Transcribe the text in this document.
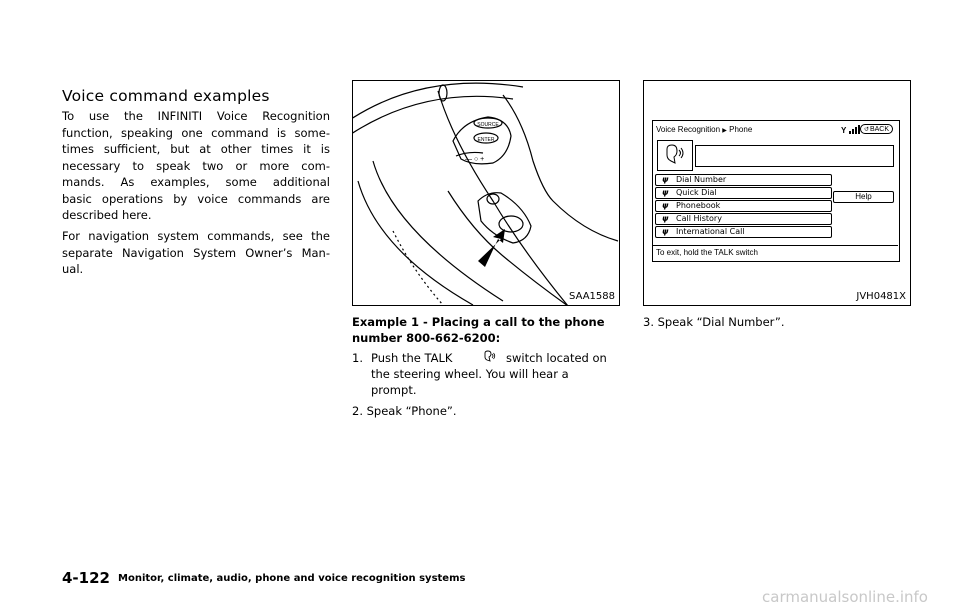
Voice command examples
To use the INFINITI Voice Recognition
function, speaking one command is some-
times sufficient, but at other times it is
necessary to speak two or more com-
mands. As examples, some additional
basic operations by voice commands are
described here.
For navigation system commands, see the
separate Navigation System Owner’s Man-
ual.
SOURCE
ENTER
— ○ +
SAA1588	JVH0481X
Voice Recognition ▶ Phone	Y	↺ BACK
ψ Dial Number
ψ Quick Dial
ψ Phonebook
ψ Call History
ψ International Call
Help
To exit, hold the TALK switch
Example 1 - Placing a call to the phone
number 800-662-6200:
1. Push the TALK	switch located on
the steering wheel. You will hear a
prompt.
2. Speak “Phone”.
3. Speak “Dial Number”.
4-122 Monitor, climate, audio, phone and voice recognition systems
carmanualsonline.info
